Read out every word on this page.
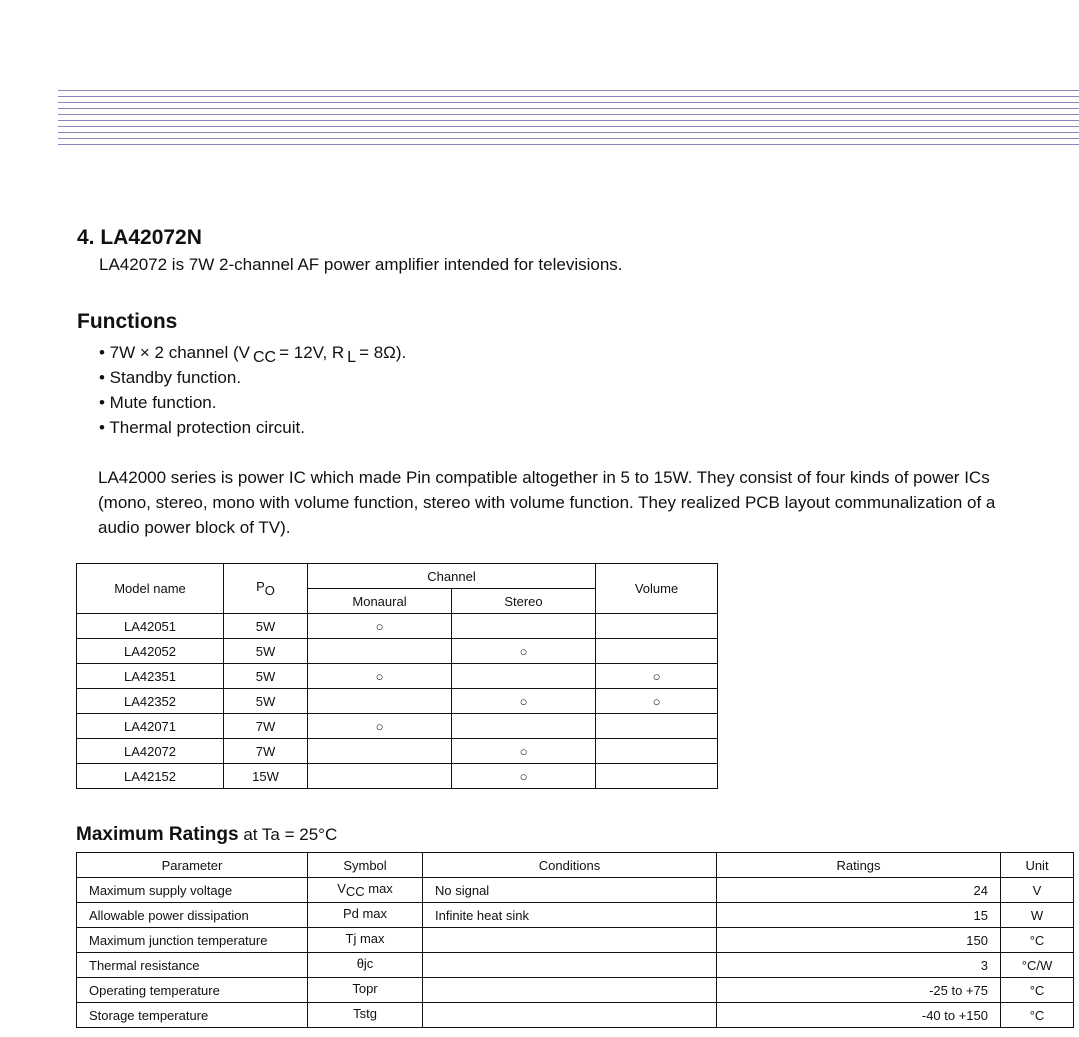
4. LA42072N

LA42072 is 7W 2-channel AF power amplifier intended for televisions.

Functions
• 7W × 2 channel (V $_{CC}$ = 12V, R $_L$ = 8Ω).
• Standby function.
• Mute function.
• Thermal protection circuit.

LA42000 series is power IC which made Pin compatible altogether in 5 to 15W. They consist of four kinds of power ICs
(mono, stereo, mono with volume function, stereo with volume function. They realized PCB layout communalization of a
audio power block of TV).

Model name	$P_O$	Channel		Volume
		Monaural	Stereo	
LA42051	5W	○		
LA42052	5W		○	
LA42351	5W	○		○
LA42352	5W		○	○
LA42071	7W	○		
LA42072	7W		○	
LA42152	15W		○	

Maximum Ratings at Ta = 25°C

Parameter	Symbol	Conditions	Ratings	Unit
Maximum supply voltage	$V_{CC}$ max	No signal	24	V
Allowable power dissipation	Pd max	Infinite heat sink	15	W
Maximum junction temperature	Tj max		150	°C
Thermal resistance	θjc		3	°C/W
Operating temperature	Topr		-25 to +75	°C
Storage temperature	Tstg		-40 to +150	°C
